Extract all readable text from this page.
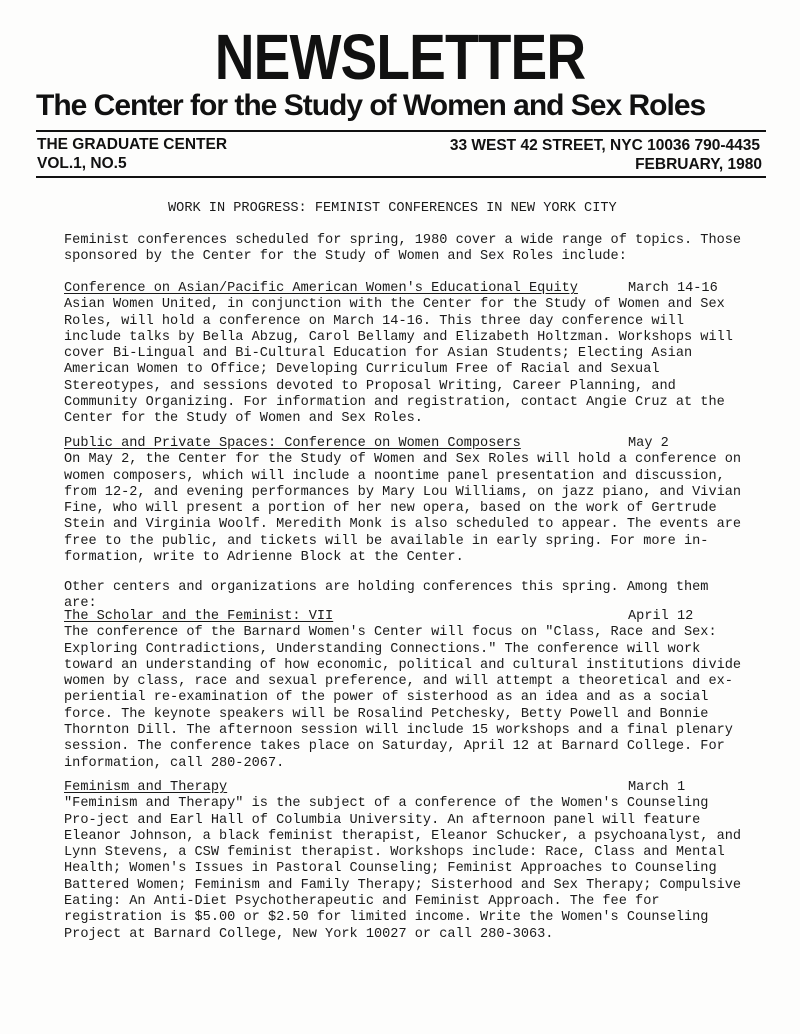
NEWSLETTER
The Center for the Study of Women and Sex Roles
THE GRADUATE CENTER	33 WEST 42 STREET, NYC 10036 790-4435
VOL.1, NO.5	FEBRUARY, 1980
WORK IN PROGRESS: FEMINIST CONFERENCES IN NEW YORK CITY

Feminist conferences scheduled for spring, 1980 cover a wide range of topics. Those sponsored by the Center for the Study of Women and Sex Roles include:

Conference on Asian/Pacific American Women's Educational Equity	March 14-16

Asian Women United, in conjunction with the Center for the Study of Women and Sex Roles, will hold a conference on March 14-16. This three day conference will include talks by Bella Abzug, Carol Bellamy and Elizabeth Holtzman. Workshops will cover Bi-Lingual and Bi-Cultural Education for Asian Students; Electing Asian American Women to Office; Developing Curriculum Free of Racial and Sexual Stereotypes, and sessions devoted to Proposal Writing, Career Planning, and Community Organizing. For information and registration, contact Angie Cruz at the Center for the Study of Women and Sex Roles.

Public and Private Spaces: Conference on Women Composers	May 2

On May 2, the Center for the Study of Women and Sex Roles will hold a conference on women composers, which will include a noontime panel presentation and discussion, from 12-2, and evening performances by Mary Lou Williams, on jazz piano, and Vivian Fine, who will present a portion of her new opera, based on the work of Gertrude Stein and Virginia Woolf. Meredith Monk is also scheduled to appear. The events are free to the public, and tickets will be available in early spring. For more in-formation, write to Adrienne Block at the Center.

Other centers and organizations are holding conferences this spring. Among them are:

The Scholar and the Feminist: VII	April 12

The conference of the Barnard Women's Center will focus on "Class, Race and Sex: Exploring Contradictions, Understanding Connections." The conference will work toward an understanding of how economic, political and cultural institutions divide women by class, race and sexual preference, and will attempt a theoretical and ex-periential re-examination of the power of sisterhood as an idea and as a social force. The keynote speakers will be Rosalind Petchesky, Betty Powell and Bonnie Thornton Dill. The afternoon session will include 15 workshops and a final plenary session. The conference takes place on Saturday, April 12 at Barnard College. For information, call 280-2067.

Feminism and Therapy	March 1

"Feminism and Therapy" is the subject of a conference of the Women's Counseling Pro-ject and Earl Hall of Columbia University. An afternoon panel will feature Eleanor Johnson, a black feminist therapist, Eleanor Schucker, a psychoanalyst, and Lynn Stevens, a CSW feminist therapist. Workshops include: Race, Class and Mental Health; Women's Issues in Pastoral Counseling; Feminist Approaches to Counseling Battered Women; Feminism and Family Therapy; Sisterhood and Sex Therapy; Compulsive Eating: An Anti-Diet Psychotherapeutic and Feminist Approach. The fee for registration is $5.00 or $2.50 for limited income. Write the Women's Counseling Project at Barnard College, New York 10027 or call 280-3063.
